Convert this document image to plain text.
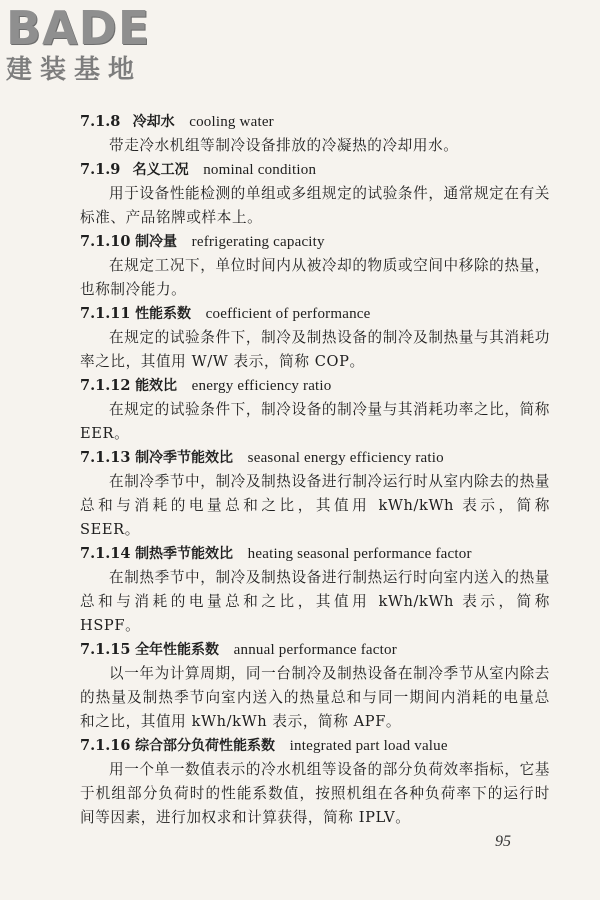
BADE
建装基地
7.1.8 冷却水 cooling water
带走冷水机组等制冷设备排放的冷凝热的冷却用水。
7.1.9 名义工况 nominal condition
用于设备性能检测的单组或多组规定的试验条件，通常规定在有关标准、产品铭牌或样本上。
7.1.10 制冷量 refrigerating capacity
在规定工况下，单位时间内从被冷却的物质或空间中移除的热量，也称制冷能力。
7.1.11 性能系数 coefficient of performance
在规定的试验条件下，制冷及制热设备的制冷及制热量与其消耗功率之比，其值用 W/W 表示，简称 COP。
7.1.12 能效比 energy efficiency ratio
在规定的试验条件下，制冷设备的制冷量与其消耗功率之比，简称 EER。
7.1.13 制冷季节能效比 seasonal energy efficiency ratio
在制冷季节中，制冷及制热设备进行制冷运行时从室内除去的热量总和与消耗的电量总和之比，其值用 kWh/kWh 表示，简称 SEER。
7.1.14 制热季节能效比 heating seasonal performance factor
在制热季节中，制冷及制热设备进行制热运行时向室内送入的热量总和与消耗的电量总和之比，其值用 kWh/kWh 表示，简称 HSPF。
7.1.15 全年性能系数 annual performance factor
以一年为计算周期，同一台制冷及制热设备在制冷季节从室内除去的热量及制热季节向室内送入的热量总和与同一期间内消耗的电量总和之比，其值用 kWh/kWh 表示，简称 APF。
7.1.16 综合部分负荷性能系数 integrated part load value
用一个单一数值表示的冷水机组等设备的部分负荷效率指标，它基于机组部分负荷时的性能系数值，按照机组在各种负荷率下的运行时间等因素，进行加权求和计算获得，简称 IPLV。
95
